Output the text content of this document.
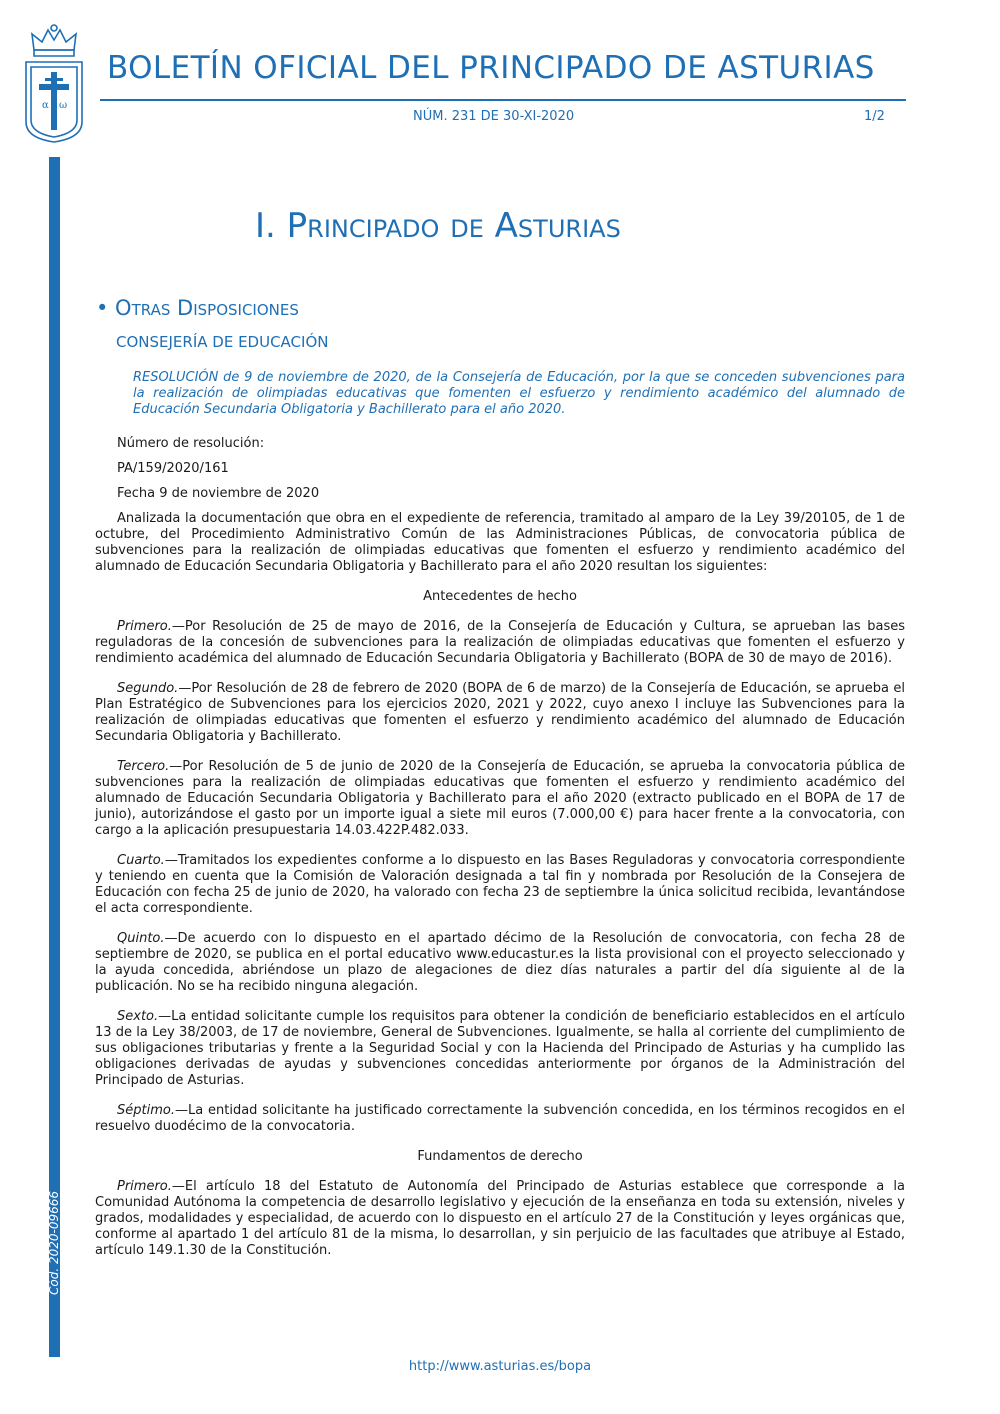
α ω
BOLETÍN OFICIAL DEL PRINCIPADO DE ASTURIAS
NÚM. 231 DE 30-XI-2020	1/2
Cód. 2020-09666
I. Principado de Asturias
• Otras Disposiciones
CONSEJERÍA DE EDUCACIÓN
RESOLUCIÓN de 9 de noviembre de 2020, de la Consejería de Educación, por la que se conceden subvenciones para la realización de olimpiadas educativas que fomenten el esfuerzo y rendimiento académico del alumnado de Educación Secundaria Obligatoria y Bachillerato para el año 2020.
Número de resolución:
PA/159/2020/161
Fecha 9 de noviembre de 2020

Analizada la documentación que obra en el expediente de referencia, tramitado al amparo de la Ley 39/20105, de 1 de octubre, del Procedimiento Administrativo Común de las Administraciones Públicas, de convocatoria pública de subvenciones para la realización de olimpiadas educativas que fomenten el esfuerzo y rendimiento académico del alumnado de Educación Secundaria Obligatoria y Bachillerato para el año 2020 resultan los siguientes:

Antecedentes de hecho

Primero.—Por Resolución de 25 de mayo de 2016, de la Consejería de Educación y Cultura, se aprueban las bases reguladoras de la concesión de subvenciones para la realización de olimpiadas educativas que fomenten el esfuerzo y rendimiento académica del alumnado de Educación Secundaria Obligatoria y Bachillerato (BOPA de 30 de mayo de 2016).

Segundo.—Por Resolución de 28 de febrero de 2020 (BOPA de 6 de marzo) de la Consejería de Educación, se aprueba el Plan Estratégico de Subvenciones para los ejercicios 2020, 2021 y 2022, cuyo anexo I incluye las Subvenciones para la realización de olimpiadas educativas que fomenten el esfuerzo y rendimiento académico del alumnado de Educación Secundaria Obligatoria y Bachillerato.

Tercero.—Por Resolución de 5 de junio de 2020 de la Consejería de Educación, se aprueba la convocatoria pública de subvenciones para la realización de olimpiadas educativas que fomenten el esfuerzo y rendimiento académico del alumnado de Educación Secundaria Obligatoria y Bachillerato para el año 2020 (extracto publicado en el BOPA de 17 de junio), autorizándose el gasto por un importe igual a siete mil euros (7.000,00 €) para hacer frente a la convocatoria, con cargo a la aplicación presupuestaria 14.03.422P.482.033.

Cuarto.—Tramitados los expedientes conforme a lo dispuesto en las Bases Reguladoras y convocatoria correspondiente y teniendo en cuenta que la Comisión de Valoración designada a tal fin y nombrada por Resolución de la Consejera de Educación con fecha 25 de junio de 2020, ha valorado con fecha 23 de septiembre la única solicitud recibida, levantándose el acta correspondiente.

Quinto.—De acuerdo con lo dispuesto en el apartado décimo de la Resolución de convocatoria, con fecha 28 de septiembre de 2020, se publica en el portal educativo www.educastur.es la lista provisional con el proyecto seleccionado y la ayuda concedida, abriéndose un plazo de alegaciones de diez días naturales a partir del día siguiente al de la publicación. No se ha recibido ninguna alegación.

Sexto.—La entidad solicitante cumple los requisitos para obtener la condición de beneficiario establecidos en el artículo 13 de la Ley 38/2003, de 17 de noviembre, General de Subvenciones. Igualmente, se halla al corriente del cumplimiento de sus obligaciones tributarias y frente a la Seguridad Social y con la Hacienda del Principado de Asturias y ha cumplido las obligaciones derivadas de ayudas y subvenciones concedidas anteriormente por órganos de la Administración del Principado de Asturias.

Séptimo.—La entidad solicitante ha justificado correctamente la subvención concedida, en los términos recogidos en el resuelvo duodécimo de la convocatoria.

Fundamentos de derecho

Primero.—El artículo 18 del Estatuto de Autonomía del Principado de Asturias establece que corresponde a la Comunidad Autónoma la competencia de desarrollo legislativo y ejecución de la enseñanza en toda su extensión, niveles y grados, modalidades y especialidad, de acuerdo con lo dispuesto en el artículo 27 de la Constitución y leyes orgánicas que, conforme al apartado 1 del artículo 81 de la misma, lo desarrollan, y sin perjuicio de las facultades que atribuye al Estado, artículo 149.1.30 de la Constitución.

http://www.asturias.es/bopa
